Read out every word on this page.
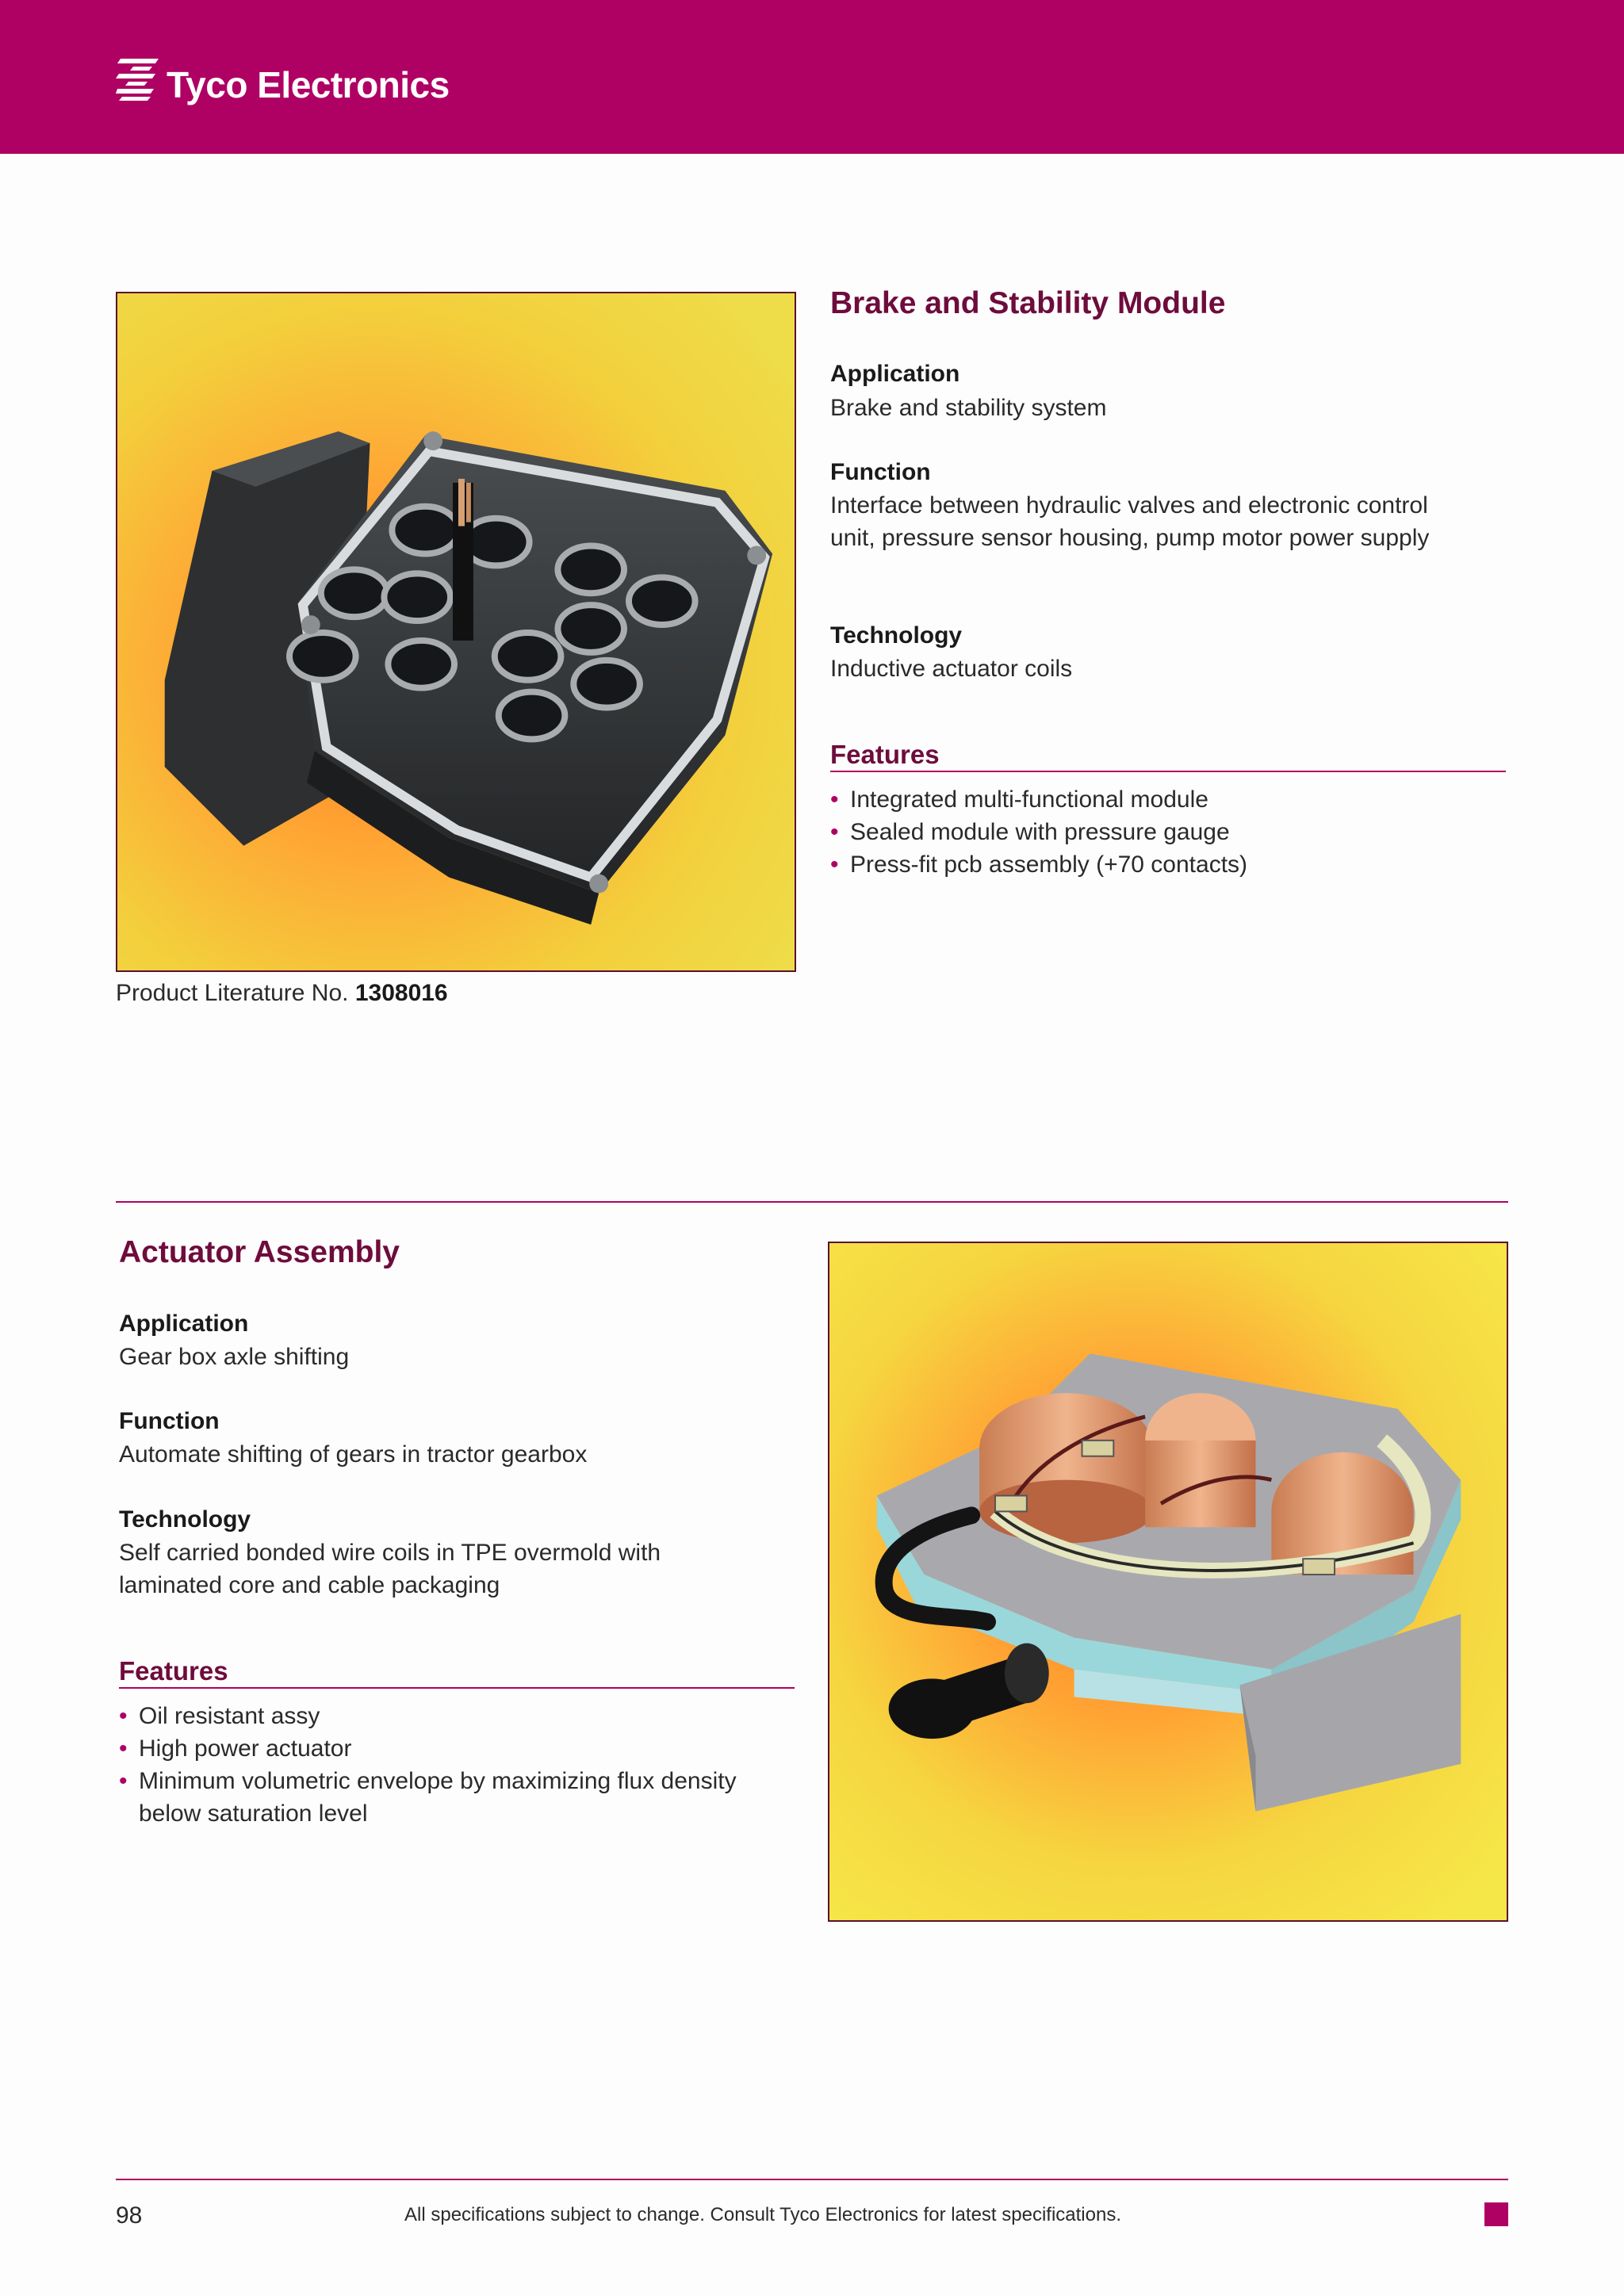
Tyco Electronics
Brake and Stability Module
Application
Brake and stability system
Function
Interface between hydraulic valves and electronic control unit, pressure sensor housing, pump motor power supply
Technology
Inductive actuator coils
Features
• Integrated multi-functional module
• Sealed module with pressure gauge
• Press-fit pcb assembly (+70 contacts)
Product Literature No. 1308016
Actuator Assembly
Application
Gear box axle shifting
Function
Automate shifting of gears in tractor gearbox
Technology
Self carried bonded wire coils in TPE overmold with laminated core and cable packaging
Features
• Oil resistant assy
• High power actuator
• Minimum volumetric envelope by maximizing flux density below saturation level
98	All specifications subject to change. Consult Tyco Electronics for latest specifications.
